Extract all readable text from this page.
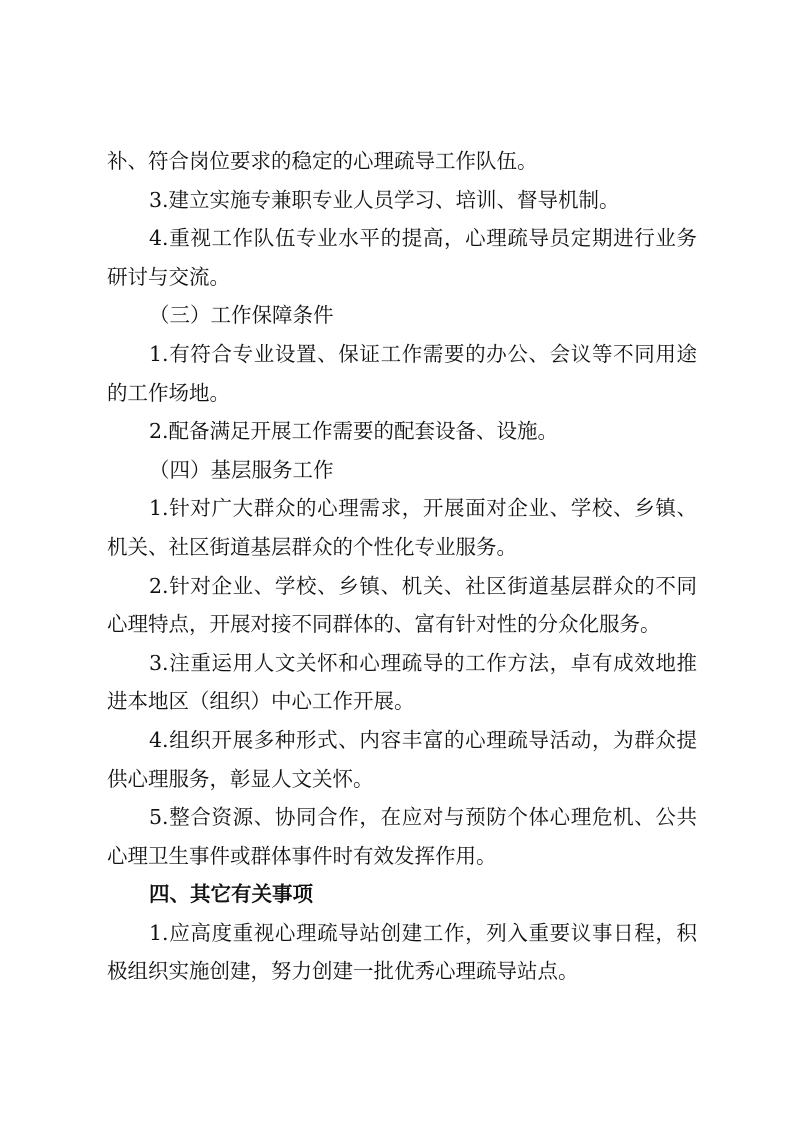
补、符合岗位要求的稳定的心理疏导工作队伍。
3.建立实施专兼职专业人员学习、培训、督导机制。
4.重视工作队伍专业水平的提高，心理疏导员定期进行业务
研讨与交流。
（三）工作保障条件
1.有符合专业设置、保证工作需要的办公、会议等不同用途
的工作场地。
2.配备满足开展工作需要的配套设备、设施。
（四）基层服务工作
1.针对广大群众的心理需求，开展面对企业、学校、乡镇、
机关、社区街道基层群众的个性化专业服务。
2.针对企业、学校、乡镇、机关、社区街道基层群众的不同
心理特点，开展对接不同群体的、富有针对性的分众化服务。
3.注重运用人文关怀和心理疏导的工作方法，卓有成效地推
进本地区（组织）中心工作开展。
4.组织开展多种形式、内容丰富的心理疏导活动，为群众提
供心理服务，彰显人文关怀。
5.整合资源、协同合作，在应对与预防个体心理危机、公共
心理卫生事件或群体事件时有效发挥作用。
四、其它有关事项
1.应高度重视心理疏导站创建工作，列入重要议事日程，积
极组织实施创建，努力创建一批优秀心理疏导站点。
